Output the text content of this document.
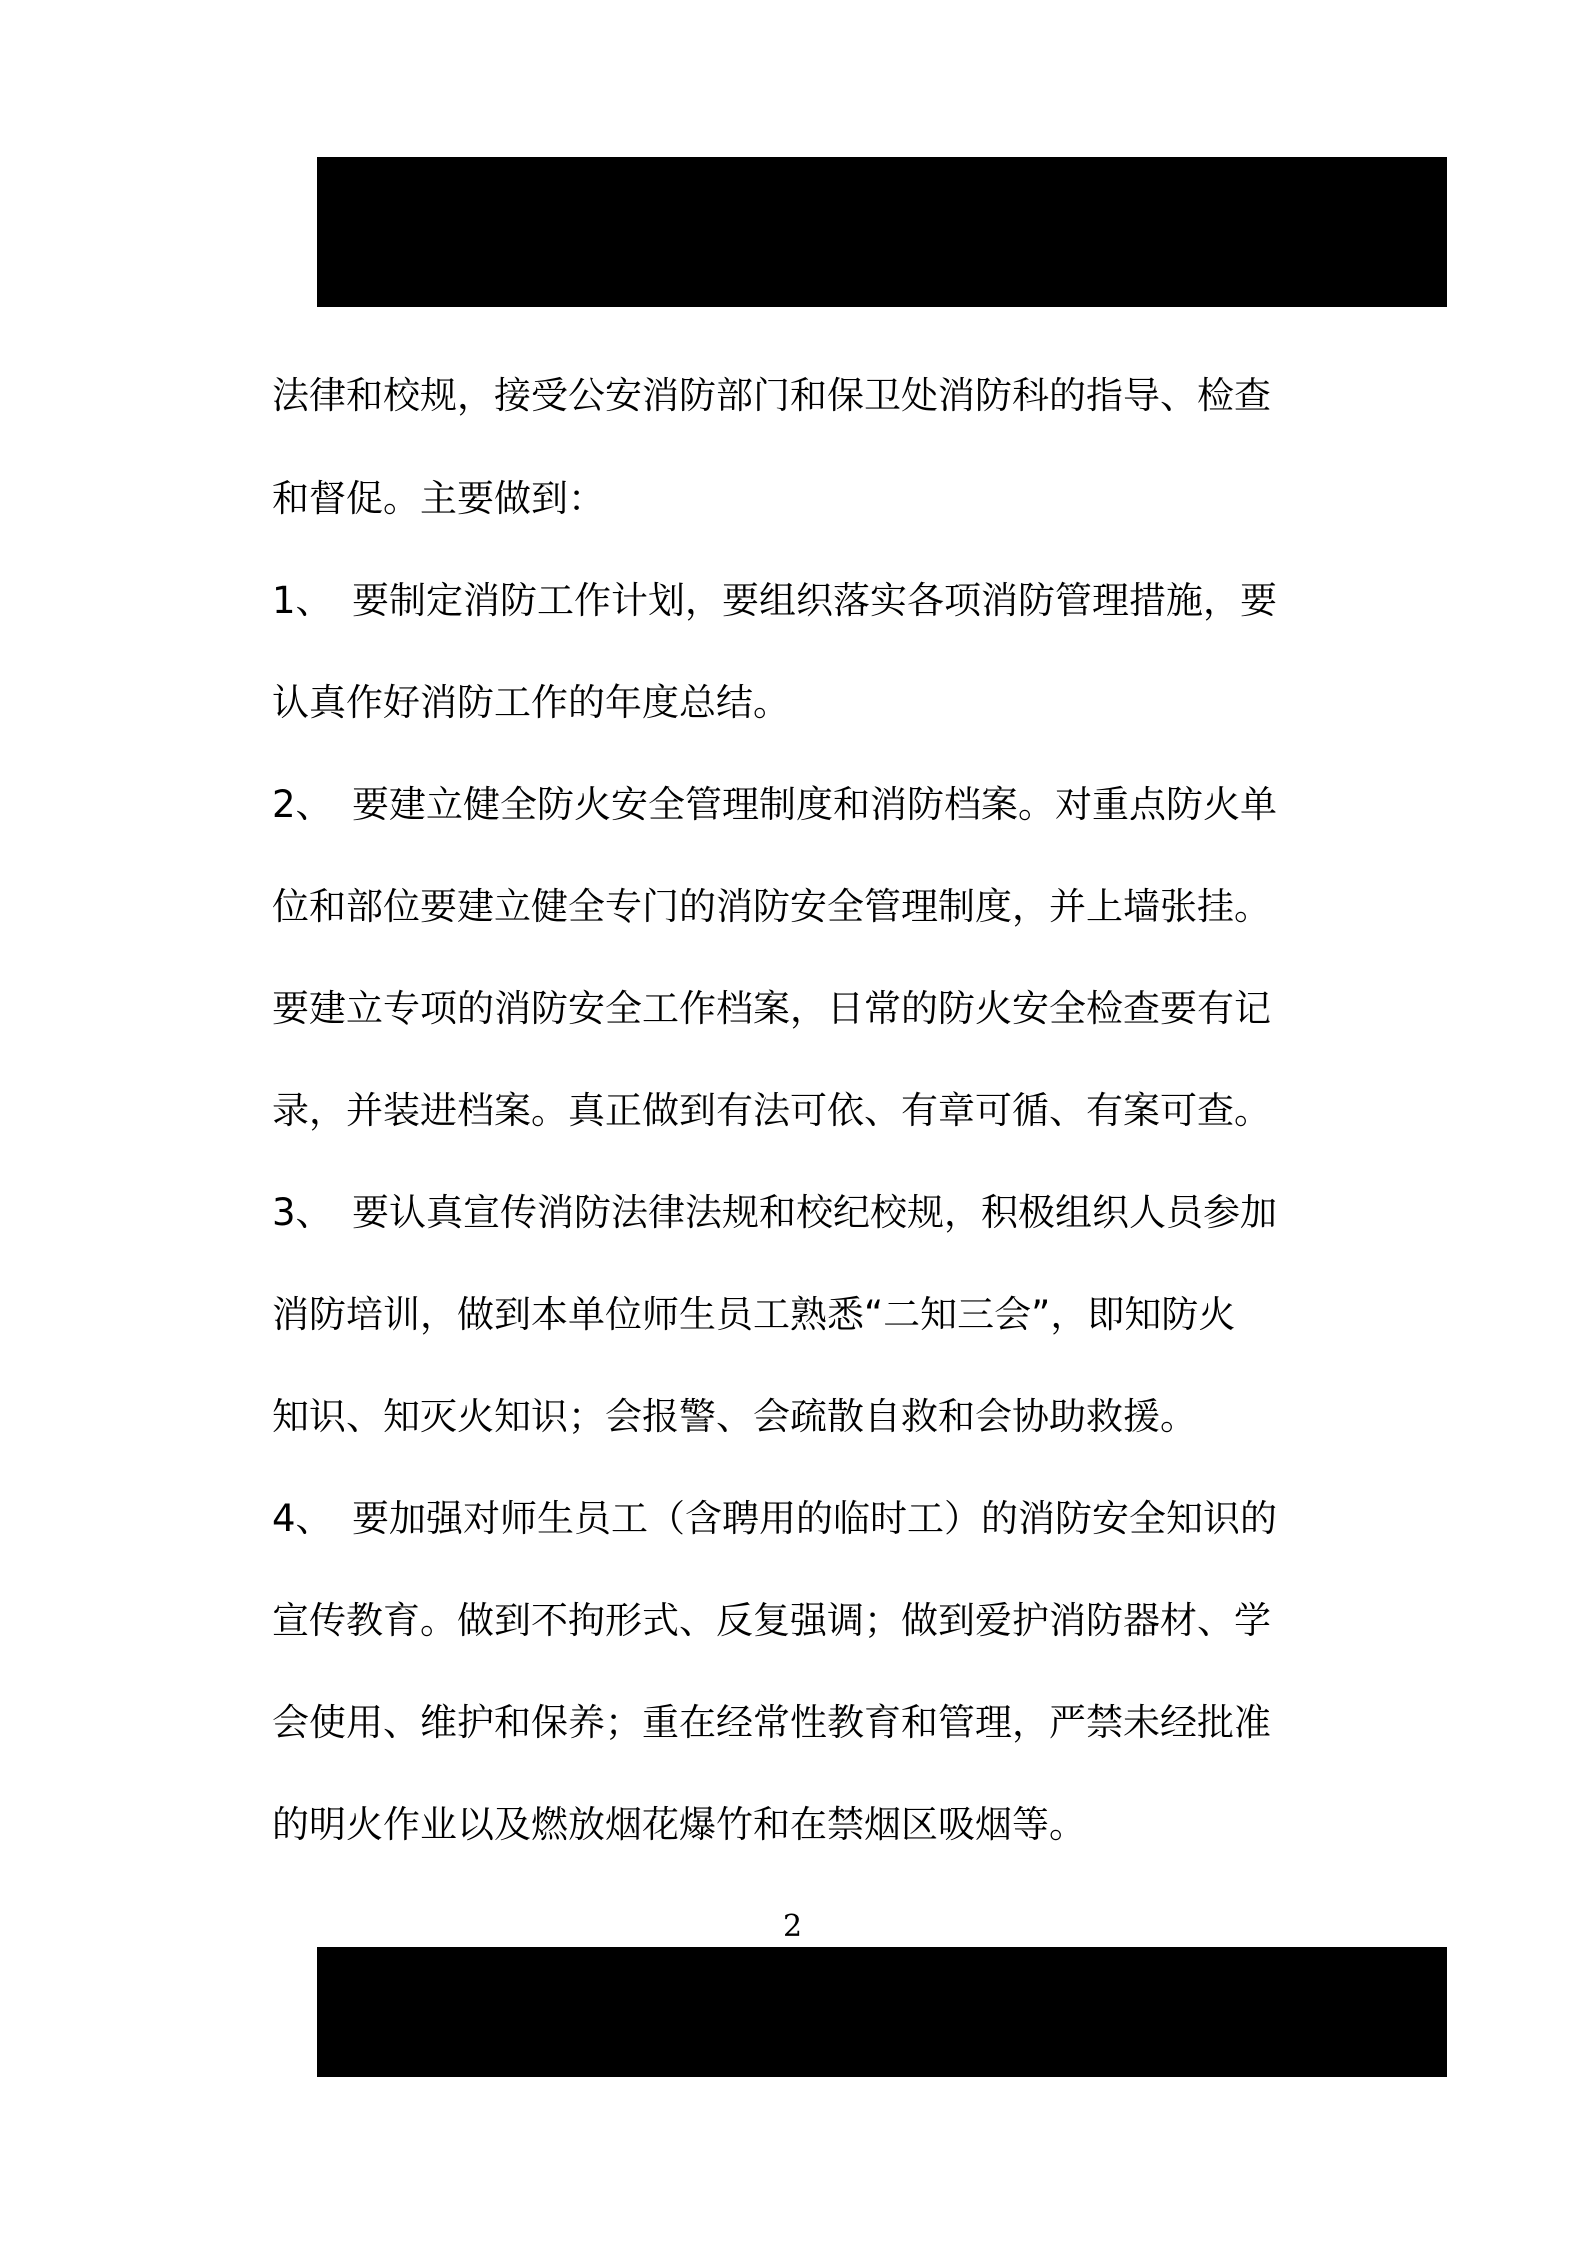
法律和校规，接受公安消防部门和保卫处消防科的指导、检查
和督促。主要做到：
1、 要制定消防工作计划，要组织落实各项消防管理措施，要
认真作好消防工作的年度总结。
2、 要建立健全防火安全管理制度和消防档案。对重点防火单
位和部位要建立健全专门的消防安全管理制度，并上墙张挂。
要建立专项的消防安全工作档案，日常的防火安全检查要有记
录，并装进档案。真正做到有法可依、有章可循、有案可查。
3、 要认真宣传消防法律法规和校纪校规，积极组织人员参加
消防培训，做到本单位师生员工熟悉“二知三会”，即知防火
知识、知灭火知识；会报警、会疏散自救和会协助救援。
4、 要加强对师生员工（含聘用的临时工）的消防安全知识的
宣传教育。做到不拘形式、反复强调；做到爱护消防器材、学
会使用、维护和保养；重在经常性教育和管理，严禁未经批准
的明火作业以及燃放烟花爆竹和在禁烟区吸烟等。
2
